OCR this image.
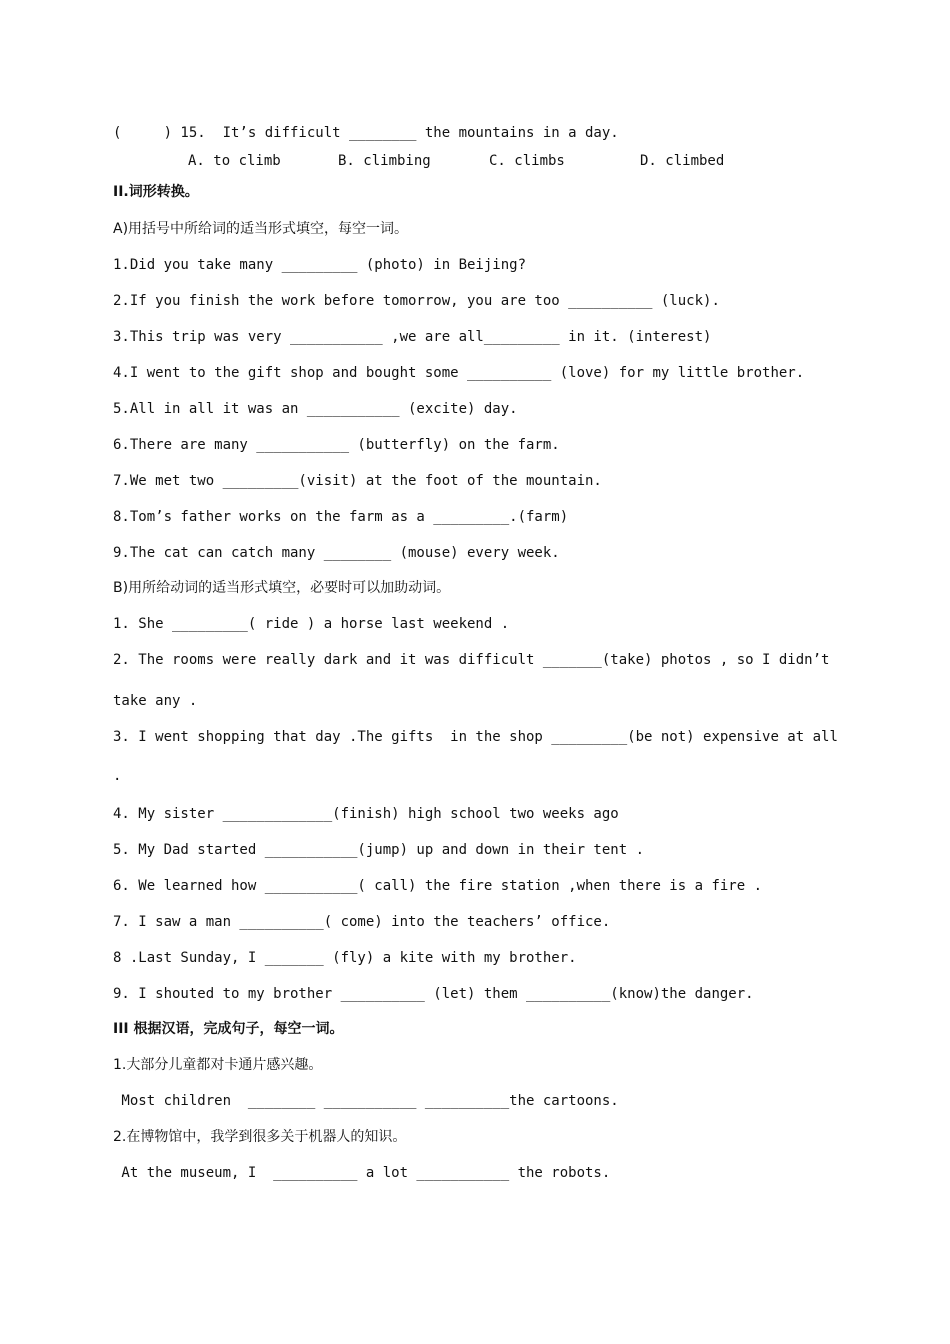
(     ) 15.  It’s difficult ________ the mountains in a day.
A. to climb	B. climbing	C. climbs	D. climbed
II.词形转换。
A)用括号中所给词的适当形式填空，每空一词。
1.Did you take many _________ (photo) in Beijing?
2.If you finish the work before tomorrow, you are too __________ (luck).
3.This trip was very ___________ ,we are all_________ in it. (interest)
4.I went to the gift shop and bought some __________ (love) for my little brother.
5.All in all it was an ___________ (excite) day.
6.There are many ___________ (butterfly) on the farm.
7.We met two _________(visit) at the foot of the mountain.
8.Tom’s father works on the farm as a _________.(farm)
9.The cat can catch many ________ (mouse) every week.
B)用所给动词的适当形式填空，必要时可以加助动词。
1. She _________( ride ) a horse last weekend .
2. The rooms were really dark and it was difficult _______(take) photos , so I didn’t
take any .
3. I went shopping that day .The gifts  in the shop _________(be not) expensive at all
.
4. My sister _____________(finish) high school two weeks ago
5. My Dad started ___________(jump) up and down in their tent .
6. We learned how ___________( call) the fire station ,when there is a fire .
7. I saw a man __________( come) into the teachers’ office.
8 .Last Sunday, I _______ (fly) a kite with my brother.
9. I shouted to my brother __________ (let) them __________(know)the danger.
III 根据汉语，完成句子，每空一词。
1.大部分儿童都对卡通片感兴趣。
Most children  ________ ___________ __________the cartoons.
2.在博物馆中，我学到很多关于机器人的知识。
At the museum, I  __________ a lot ___________ the robots.
